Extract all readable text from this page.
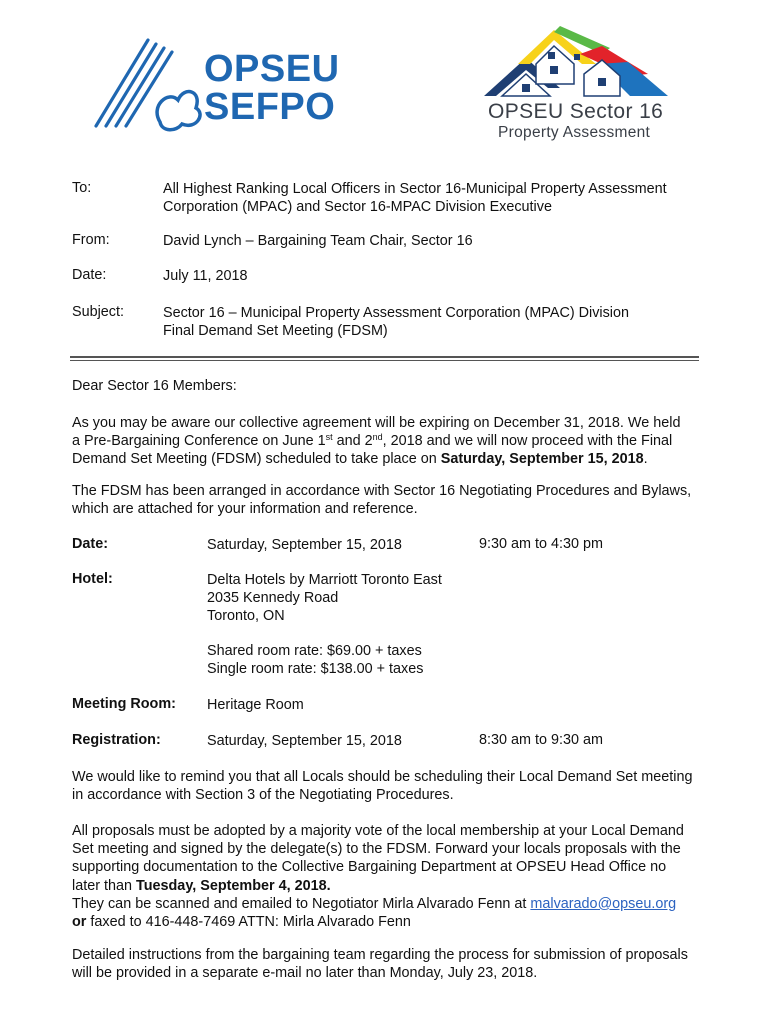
OPSEU
SEFPO	OPSEU Sector 16
Property Assessment
To:	All Highest Ranking Local Officers in Sector 16-Municipal Property Assessment
Corporation (MPAC) and Sector 16-MPAC Division Executive
From:	David Lynch – Bargaining Team Chair, Sector 16
Date:	July 11, 2018
Subject:	Sector 16 – Municipal Property Assessment Corporation (MPAC) Division
Final Demand Set Meeting (FDSM)
Dear Sector 16 Members:
As you may be aware our collective agreement will be expiring on December 31, 2018. We held
a Pre-Bargaining Conference on June 1st and 2nd, 2018 and we will now proceed with the Final
Demand Set Meeting (FDSM) scheduled to take place on Saturday, September 15, 2018.
The FDSM has been arranged in accordance with Sector 16 Negotiating Procedures and Bylaws,
which are attached for your information and reference.
Date:	Saturday, September 15, 2018	9:30 am to 4:30 pm
Hotel:	Delta Hotels by Marriott Toronto East
2035 Kennedy Road
Toronto, ON
Shared room rate: $69.00 + taxes
Single room rate: $138.00 + taxes
Meeting Room: Heritage Room
Registration:	Saturday, September 15, 2018	8:30 am to 9:30 am
We would like to remind you that all Locals should be scheduling their Local Demand Set meeting
in accordance with Section 3 of the Negotiating Procedures.
All proposals must be adopted by a majority vote of the local membership at your Local Demand
Set meeting and signed by the delegate(s) to the FDSM. Forward your locals proposals with the
supporting documentation to the Collective Bargaining Department at OPSEU Head Office no
later than Tuesday, September 4, 2018.
They can be scanned and emailed to Negotiator Mirla Alvarado Fenn at malvarado@opseu.org
or faxed to 416-448-7469 ATTN: Mirla Alvarado Fenn
Detailed instructions from the bargaining team regarding the process for submission of proposals
will be provided in a separate e-mail no later than Monday, July 23, 2018.
